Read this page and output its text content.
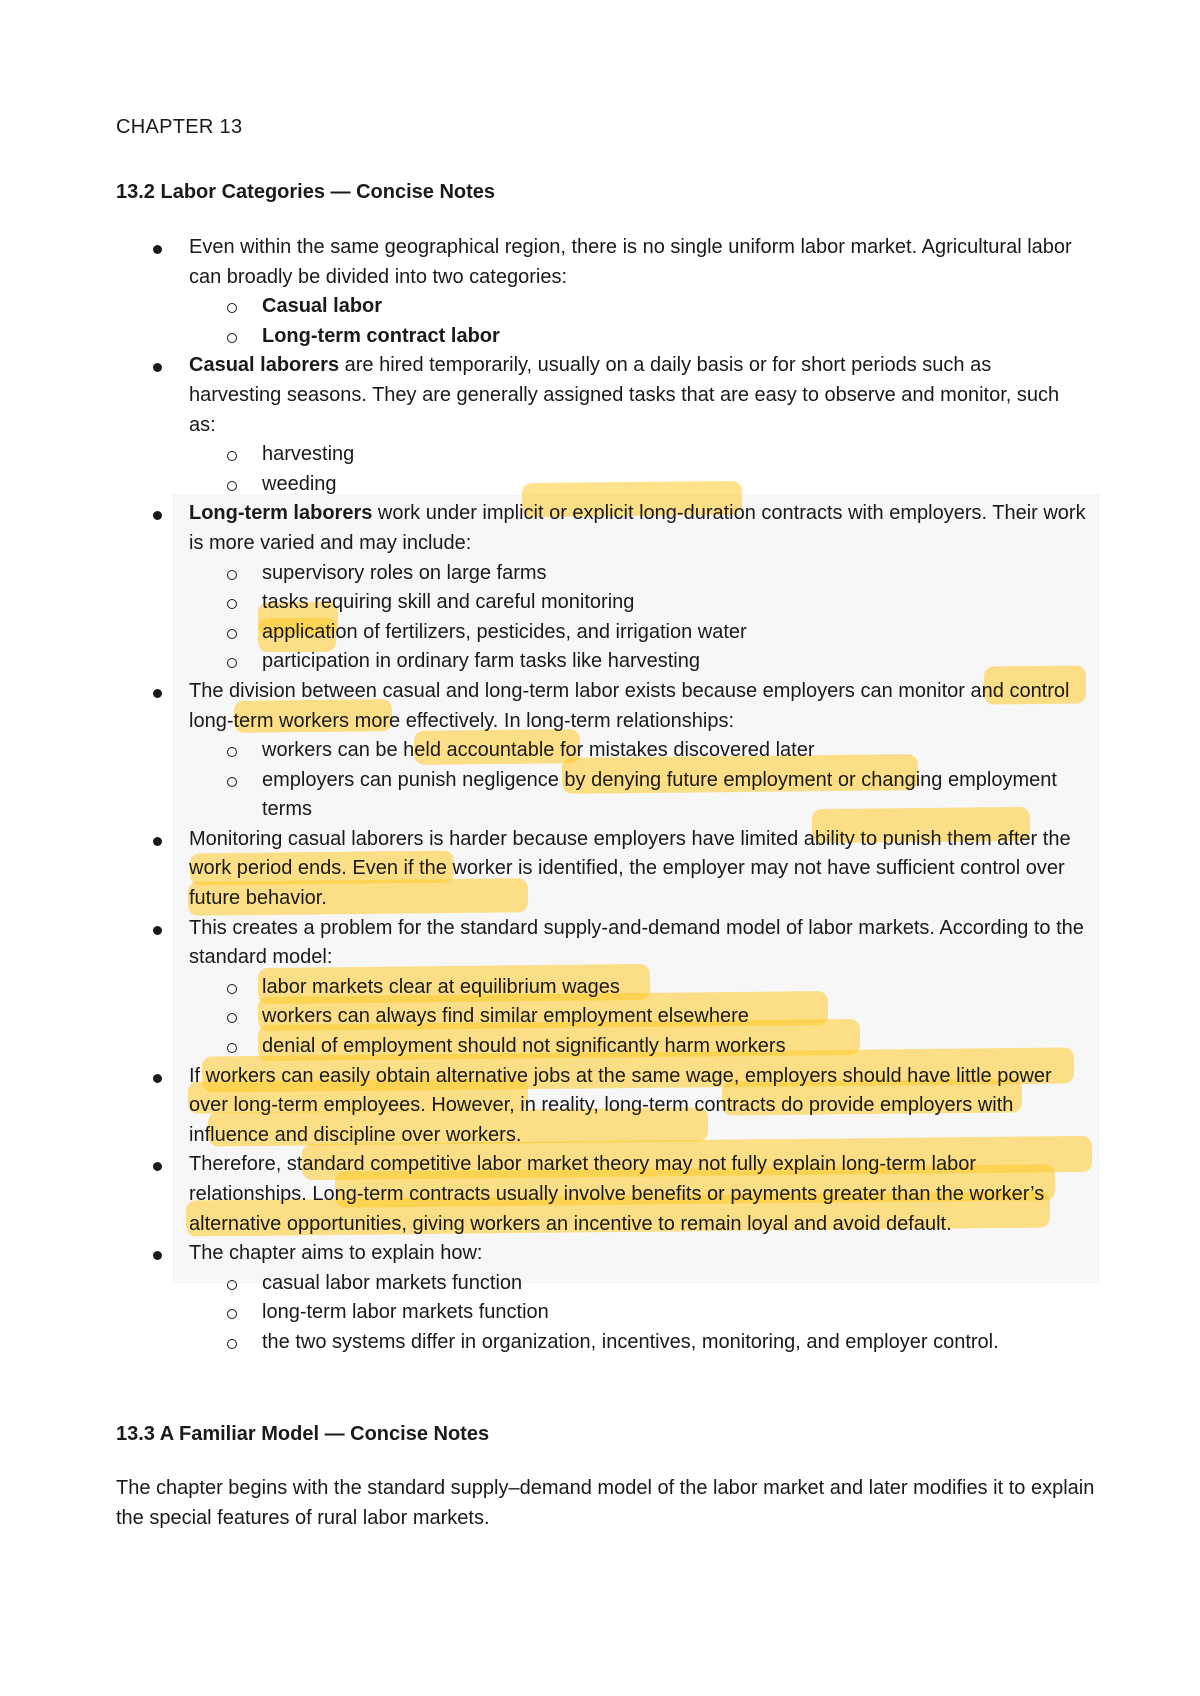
CHAPTER 13
13.2 Labor Categories — Concise Notes
Even within the same geographical region, there is no single uniform labor market. Agricultural labor can broadly be divided into two categories:
Casual labor
Long-term contract labor
Casual laborers are hired temporarily, usually on a daily basis or for short periods such as harvesting seasons. They are generally assigned tasks that are easy to observe and monitor, such as:
harvesting
weeding
Long-term laborers work under implicit or explicit long-duration contracts with employers. Their work is more varied and may include:
supervisory roles on large farms
tasks requiring skill and careful monitoring
application of fertilizers, pesticides, and irrigation water
participation in ordinary farm tasks like harvesting
The division between casual and long-term labor exists because employers can monitor and control long-term workers more effectively. In long-term relationships:
workers can be held accountable for mistakes discovered later
employers can punish negligence by denying future employment or changing employment terms
Monitoring casual laborers is harder because employers have limited ability to punish them after the work period ends. Even if the worker is identified, the employer may not have sufficient control over future behavior.
This creates a problem for the standard supply-and-demand model of labor markets. According to the standard model:
labor markets clear at equilibrium wages
workers can always find similar employment elsewhere
denial of employment should not significantly harm workers
If workers can easily obtain alternative jobs at the same wage, employers should have little power over long-term employees. However, in reality, long-term contracts do provide employers with influence and discipline over workers.
Therefore, standard competitive labor market theory may not fully explain long-term labor relationships. Long-term contracts usually involve benefits or payments greater than the worker’s alternative opportunities, giving workers an incentive to remain loyal and avoid default.
The chapter aims to explain how:
casual labor markets function
long-term labor markets function
the two systems differ in organization, incentives, monitoring, and employer control.
13.3 A Familiar Model — Concise Notes
The chapter begins with the standard supply–demand model of the labor market and later modifies it to explain the special features of rural labor markets.
